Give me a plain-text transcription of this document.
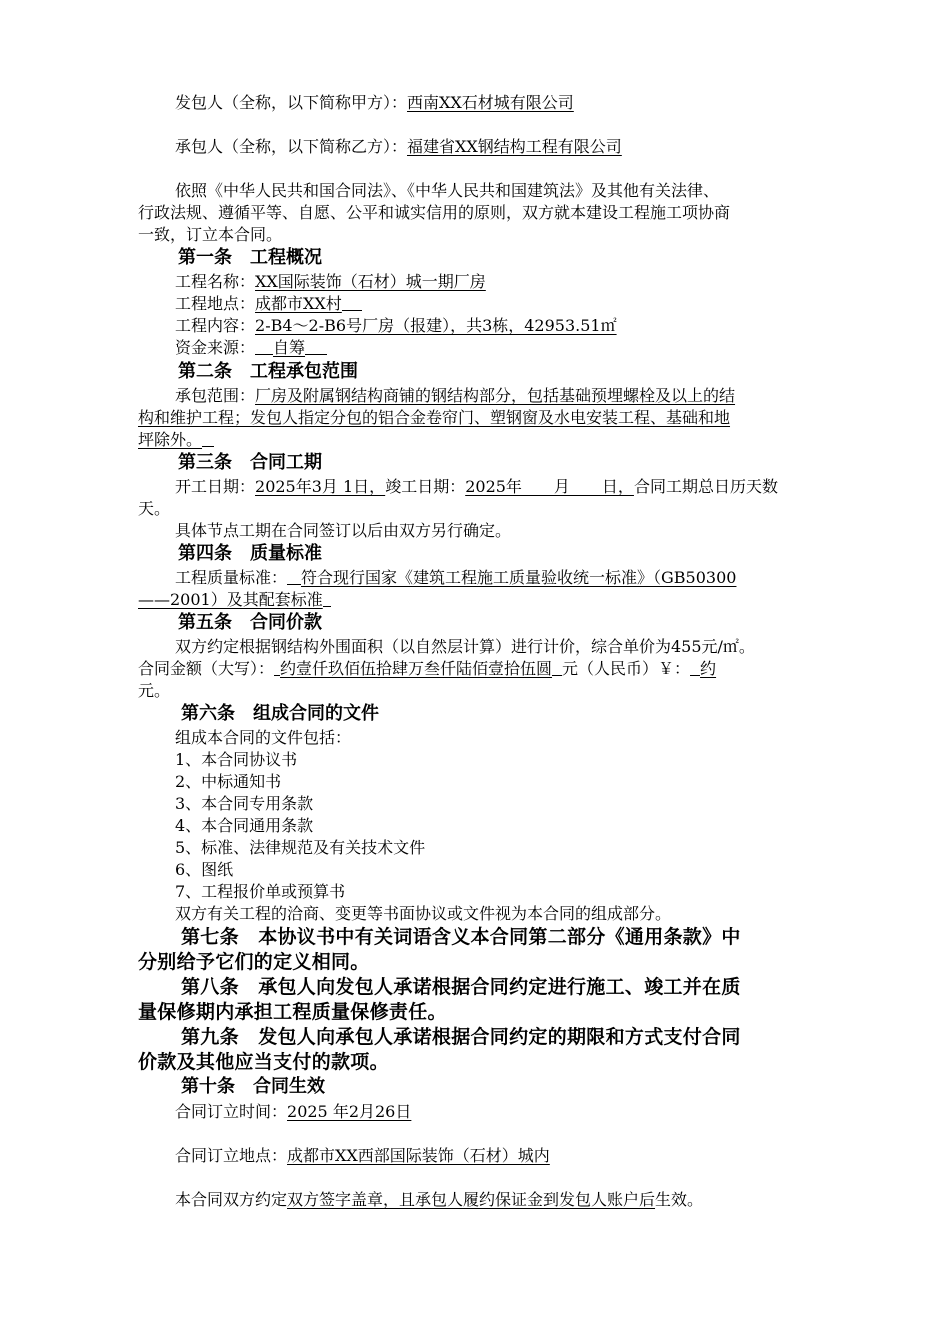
发包人（全称，以下简称甲方）：西南XX石材城有限公司
承包人（全称，以下简称乙方）：福建省XX钢结构工程有限公司
依照《中华人民共和国合同法》、《中华人民共和国建筑法》及其他有关法律、
行政法规、遵循平等、自愿、公平和诚实信用的原则，双方就本建设工程施工项协商
一致，订立本合同。
第一条　工程概况
工程名称：XX国际装饰（石材）城一期厂房
工程地点：成都市XX村
工程内容：2-B4～2-B6号厂房（报建），共3栋，42953.51㎡
资金来源： 自筹
第二条　工程承包范围
承包范围：厂房及附属钢结构商铺的钢结构部分，包括基础预埋螺栓及以上的结
构和维护工程；发包人指定分包的铝合金卷帘门、塑钢窗及水电安装工程、基础和地
坪除外。
第三条　合同工期
开工日期：2025年3月 1日，竣工日期：2025年　　月　　日，合同工期总日历天数
天。
具体节点工期在合同签订以后由双方另行确定。
第四条　质量标准
工程质量标准： 符合现行国家《建筑工程施工质量验收统一标准》（GB50300
——2001）及其配套标准
第五条　合同价款
双方约定根据钢结构外围面积（以自然层计算）进行计价，综合单价为455元/㎡。
合同金额（大写）： 约壹仟玖佰伍拾肆万叁仟陆佰壹拾伍圆 元（人民币）￥： 约
元。
第六条　组成合同的文件
组成本合同的文件包括：
1、本合同协议书
2、中标通知书
3、本合同专用条款
4、本合同通用条款
5、标准、法律规范及有关技术文件
6、图纸
7、工程报价单或预算书
双方有关工程的洽商、变更等书面协议或文件视为本合同的组成部分。
第七条　本协议书中有关词语含义本合同第二部分《通用条款》中
分别给予它们的定义相同。
第八条　承包人向发包人承诺根据合同约定进行施工、竣工并在质
量保修期内承担工程质量保修责任。
第九条　发包人向承包人承诺根据合同约定的期限和方式支付合同
价款及其他应当支付的款项。
第十条　合同生效
合同订立时间：2025 年2月26日
合同订立地点：成都市XX西部国际装饰（石材）城内
本合同双方约定双方签字盖章，且承包人履约保证金到发包人账户后生效。
